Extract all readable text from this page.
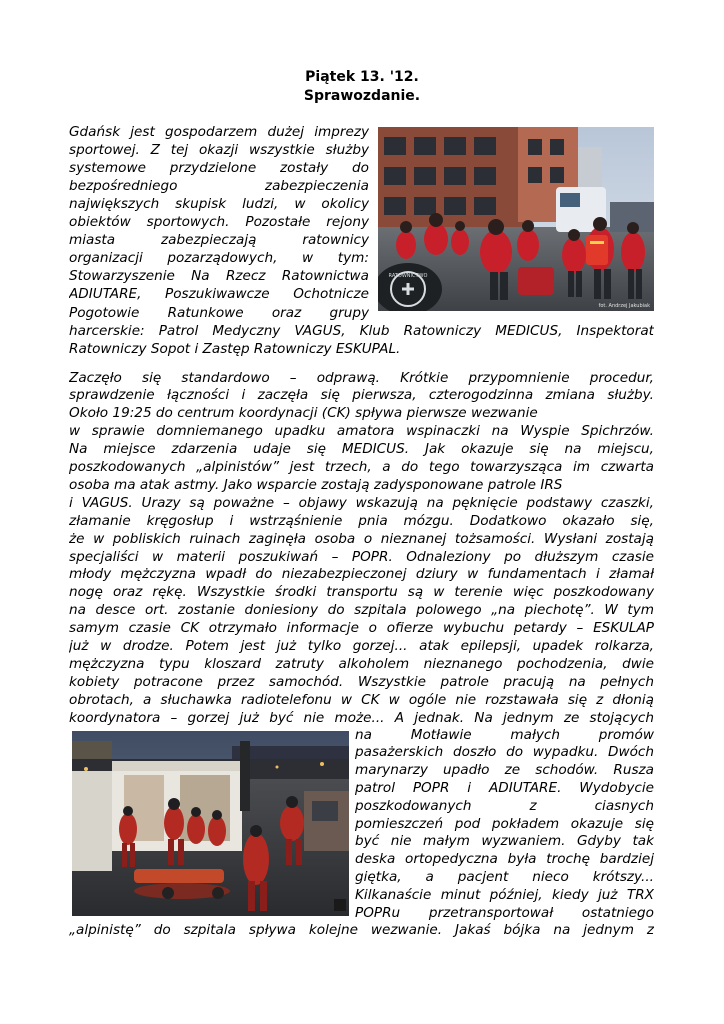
Piątek 13. '12.
Sprawozdanie.
Gdańsk jest gospodarzem dużej imprezy
sportowej. Z tej okazji wszystkie służby
systemowe przydzielone zostały do
bezpośredniego zabezpieczenia
największych skupisk ludzi, w okolicy
obiektów sportowych. Pozostałe rejony
miasta zabezpieczają ratownicy
organizacji pozarządowych, w tym:
Stowarzyszenie Na Rzecz Ratownictwa
ADIUTARE, Poszukiwawcze Ochotnicze
Pogotowie Ratunkowe oraz grupy
harcerskie: Patrol Medyczny VAGUS, Klub Ratowniczy MEDICUS, Inspektorat
Ratowniczy Sopot i Zastęp Ratowniczy ESKUPAL.
Zaczęło się standardowo – odprawą. Krótkie przypomnienie procedur,
sprawdzenie łączności i zaczęła się pierwsza, czterogodzinna zmiana służby.
Około 19:25 do centrum koordynacji (CK) spływa pierwsze wezwanie
w sprawie domniemanego upadku amatora wspinaczki na Wyspie Spichrzów.
Na miejsce zdarzenia udaje się MEDICUS. Jak okazuje się na miejscu,
poszkodowanych „alpinistów” jest trzech, a do tego towarzysząca im czwarta
osoba ma atak astmy. Jako wsparcie zostają zadysponowane patrole IRS
i VAGUS. Urazy są poważne – objawy wskazują na pęknięcie podstawy czaszki,
złamanie kręgosłup i wstrząśnienie pnia mózgu. Dodatkowo okazało się,
że w pobliskich ruinach zaginęła osoba o nieznanej tożsamości. Wysłani zostają
specjaliści w materii poszukiwań – POPR. Odnaleziony po dłuższym czasie
młody mężczyzna wpadł do niezabezpieczonej dziury w fundamentach i złamał
nogę oraz rękę. Wszystkie środki transportu są w terenie więc poszkodowany
na desce ort. zostanie doniesiony do szpitala polowego „na piechotę”. W tym
samym czasie CK otrzymało informacje o ofierze wybuchu petardy – ESKULAP
już w drodze. Potem jest już tylko gorzej... atak epilepsji, upadek rolkarza,
mężczyzna typu kloszard zatruty alkoholem nieznanego pochodzenia, dwie
kobiety potracone przez samochód. Wszystkie patrole pracują na pełnych
obrotach, a słuchawka radiotelefonu w CK w ogóle nie rozstawała się z dłonią
koordynatora – gorzej już być nie może... A jednak. Na jednym ze stojących
na Motławie małych promów
pasażerskich doszło do wypadku. Dwóch
marynarzy upadło ze schodów. Rusza
patrol POPR i ADIUTARE. Wydobycie
poszkodowanych z ciasnych
pomieszczeń pod pokładem okazuje się
być nie małym wyzwaniem. Gdyby tak
deska ortopedyczna była trochę bardziej
giętka, a pacjent nieco krótszy...
Kilkanaście minut później, kiedy już TRX
POPRu przetransportował ostatniego
„alpinistę” do szpitala spływa kolejne wezwanie. Jakaś bójka na jednym z
RATOWNICTWO
fot. Andrzej Jakubiak
